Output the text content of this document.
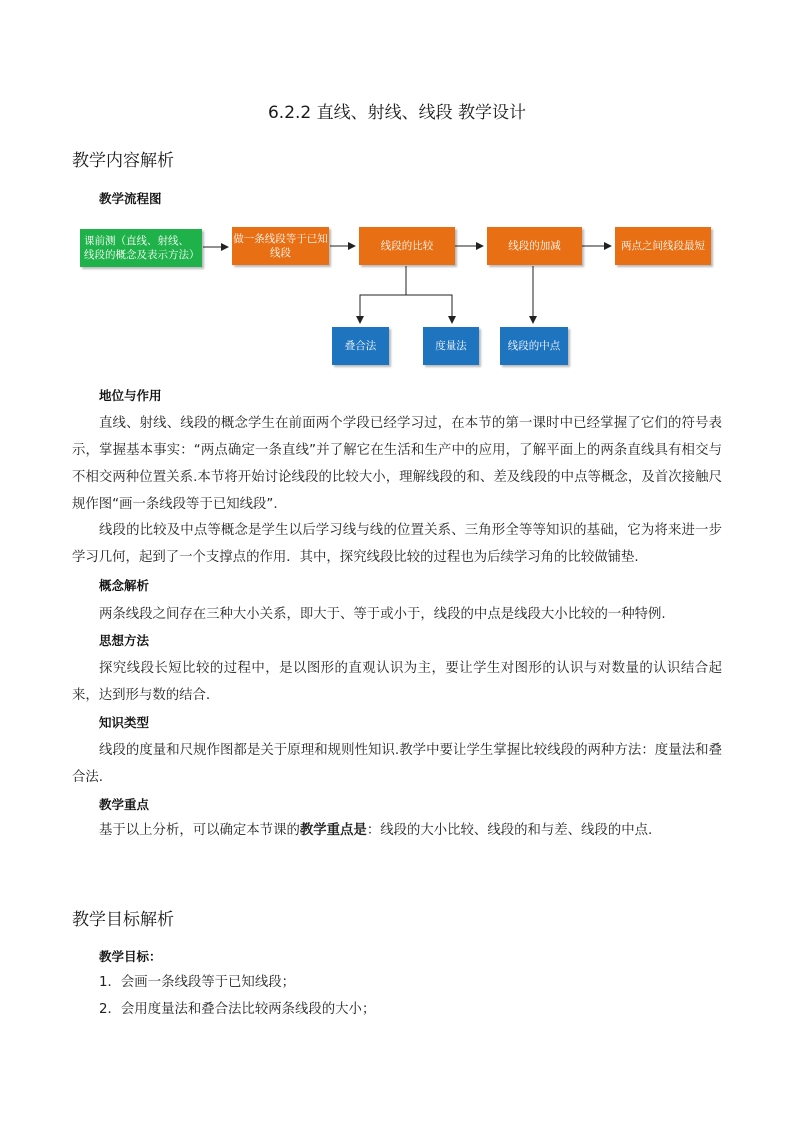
6.2.2 直线、射线、线段 教学设计
教学内容解析
教学流程图
课前测（直线、射线、线段的概念及表示方法）
做一条线段等于已知线段
线段的比较	线段的加减	两点之间线段最短
叠合法	度量法	线段的中点
地位与作用
直线、射线、线段的概念学生在前面两个学段已经学习过，在本节的第一课时中已经掌握了它们的符号表示，掌握基本事实：“两点确定一条直线”并了解它在生活和生产中的应用，了解平面上的两条直线具有相交与不相交两种位置关系.本节将开始讨论线段的比较大小，理解线段的和、差及线段的中点等概念，及首次接触尺规作图“画一条线段等于已知线段”.
线段的比较及中点等概念是学生以后学习线与线的位置关系、三角形全等等知识的基础，它为将来进一步学习几何，起到了一个支撑点的作用．其中，探究线段比较的过程也为后续学习角的比较做铺垫.
概念解析
两条线段之间存在三种大小关系，即大于、等于或小于，线段的中点是线段大小比较的一种特例.
思想方法
探究线段长短比较的过程中，是以图形的直观认识为主，要让学生对图形的认识与对数量的认识结合起来，达到形与数的结合.
知识类型
线段的度量和尺规作图都是关于原理和规则性知识.教学中要让学生掌握比较线段的两种方法：度量法和叠合法.
教学重点
基于以上分析，可以确定本节课的教学重点是：线段的大小比较、线段的和与差、线段的中点.
教学目标解析
教学目标：
1．会画一条线段等于已知线段；
2．会用度量法和叠合法比较两条线段的大小；
